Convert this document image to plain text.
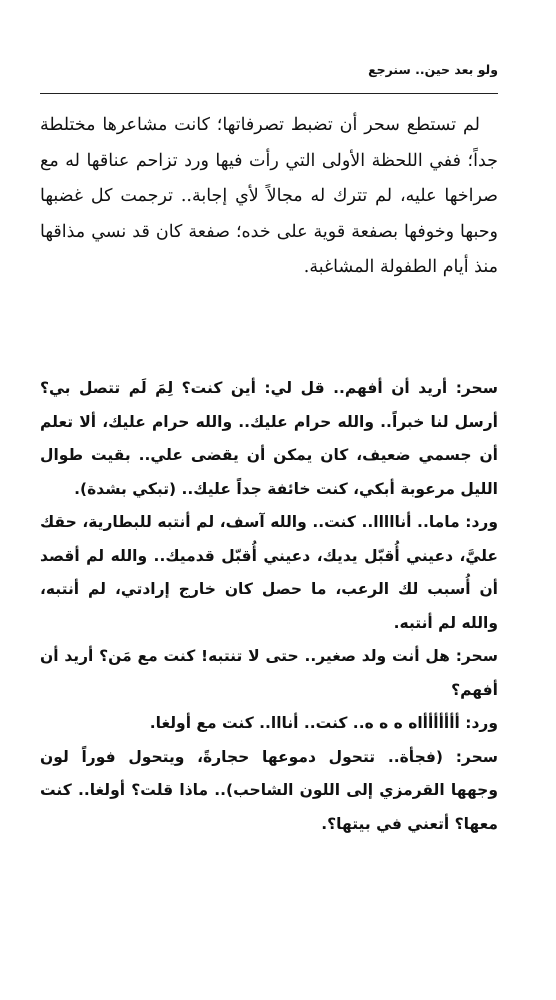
ولو بعد حين.. سنرجع

لم تستطع سحر أن تضبط تصرفاتها؛ كانت مشاعرها مختلطة جداً؛ ففي اللحظة الأولى التي رأت فيها ورد تزاحم عناقها له مع صراخها عليه، لم تترك له مجالاً لأي إجابة.. ترجمت كل غضبها وحبها وخوفها بصفعة قوية على خده؛ صفعة كان قد نسي مذاقها منذ أيام الطفولة المشاغبة.

سحر: أريد أن أفهم.. قل لي: أين كنت؟ لِمَ لَم تتصل بي؟ أرسل لنا خبراً.. والله حرام عليك.. والله حرام عليك، ألا تعلم أن جسمي ضعيف، كان يمكن أن يقضى علي.. بقيت طوال الليل مرعوبة أبكي، كنت خائفة جداً عليك.. (تبكي بشدة).

ورد: ماما.. أنااااا.. كنت.. والله آسف، لم أنتبه للبطارية، حقك عليَّ، دعيني أُقبّل يديك، دعيني أُقبّل قدميك.. والله لم أقصد أن أُسبب لك الرعب، ما حصل كان خارج إرادتي، لم أنتبه، والله لم أنتبه.

سحر: هل أنت ولد صغير.. حتى لا تنتبه! كنت مع مَن؟ أريد أن أفهم؟

ورد: أأأأأأأاه ه ه ه.. كنت.. أنااا.. كنت مع أولغا.

سحر: (فجأة.. تتحول دموعها حجارةً، ويتحول فوراً لون وجهها القرمزي إلى اللون الشاحب).. ماذا قلت؟ أولغا.. كنت معها؟ أتعني في بيتها؟.
